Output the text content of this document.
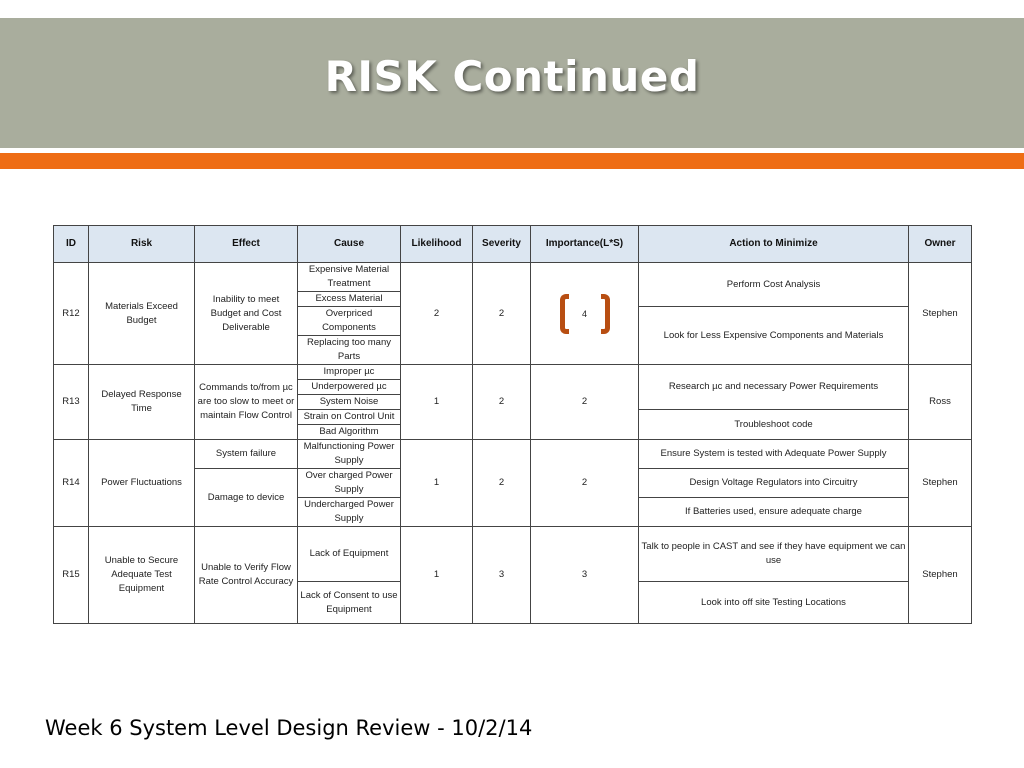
RISK Continued
ID	Risk	Effect	Cause	Likelihood	Severity	Importance(L*S)	Action to Minimize	Owner
R12	Materials Exceed Budget	Inability to meet Budget and Cost Deliverable	Expensive Material Treatment	2	2	4	Perform Cost Analysis	Stephen

			Excess Material					
			Overpriced Components				Look for Less Expensive Components and Materials	

			Replacing too many Parts					

R13	Delayed Response Time	Commands to/from µc are too slow to meet or maintain Flow Control	Improper µc	1	2	2	Research µc and necessary Power Requirements	Ross
			Underpowered µc					
			System Noise					
			Strain on Control Unit				Troubleshoot code	
			Bad Algorithm					
R14	Power Fluctuations	System failure	Malfunctioning Power Supply	1	2	2	Ensure System is tested with Adequate Power Supply	Stephen

		Damage to device	Over charged Power Supply				Design Voltage Regulators into Circuitry	

			Undercharged Power Supply				If Batteries used, ensure adequate charge	

R15	Unable to Secure Adequate Test Equipment	Unable to Verify Flow Rate Control Accuracy	Lack of Equipment	1	3	3	Talk to people in CAST and see if they have equipment we can use	Stephen

			Lack of Consent to use Equipment				Look into off site Testing Locations	

Week 6 System Level Design Review - 10/2/14
